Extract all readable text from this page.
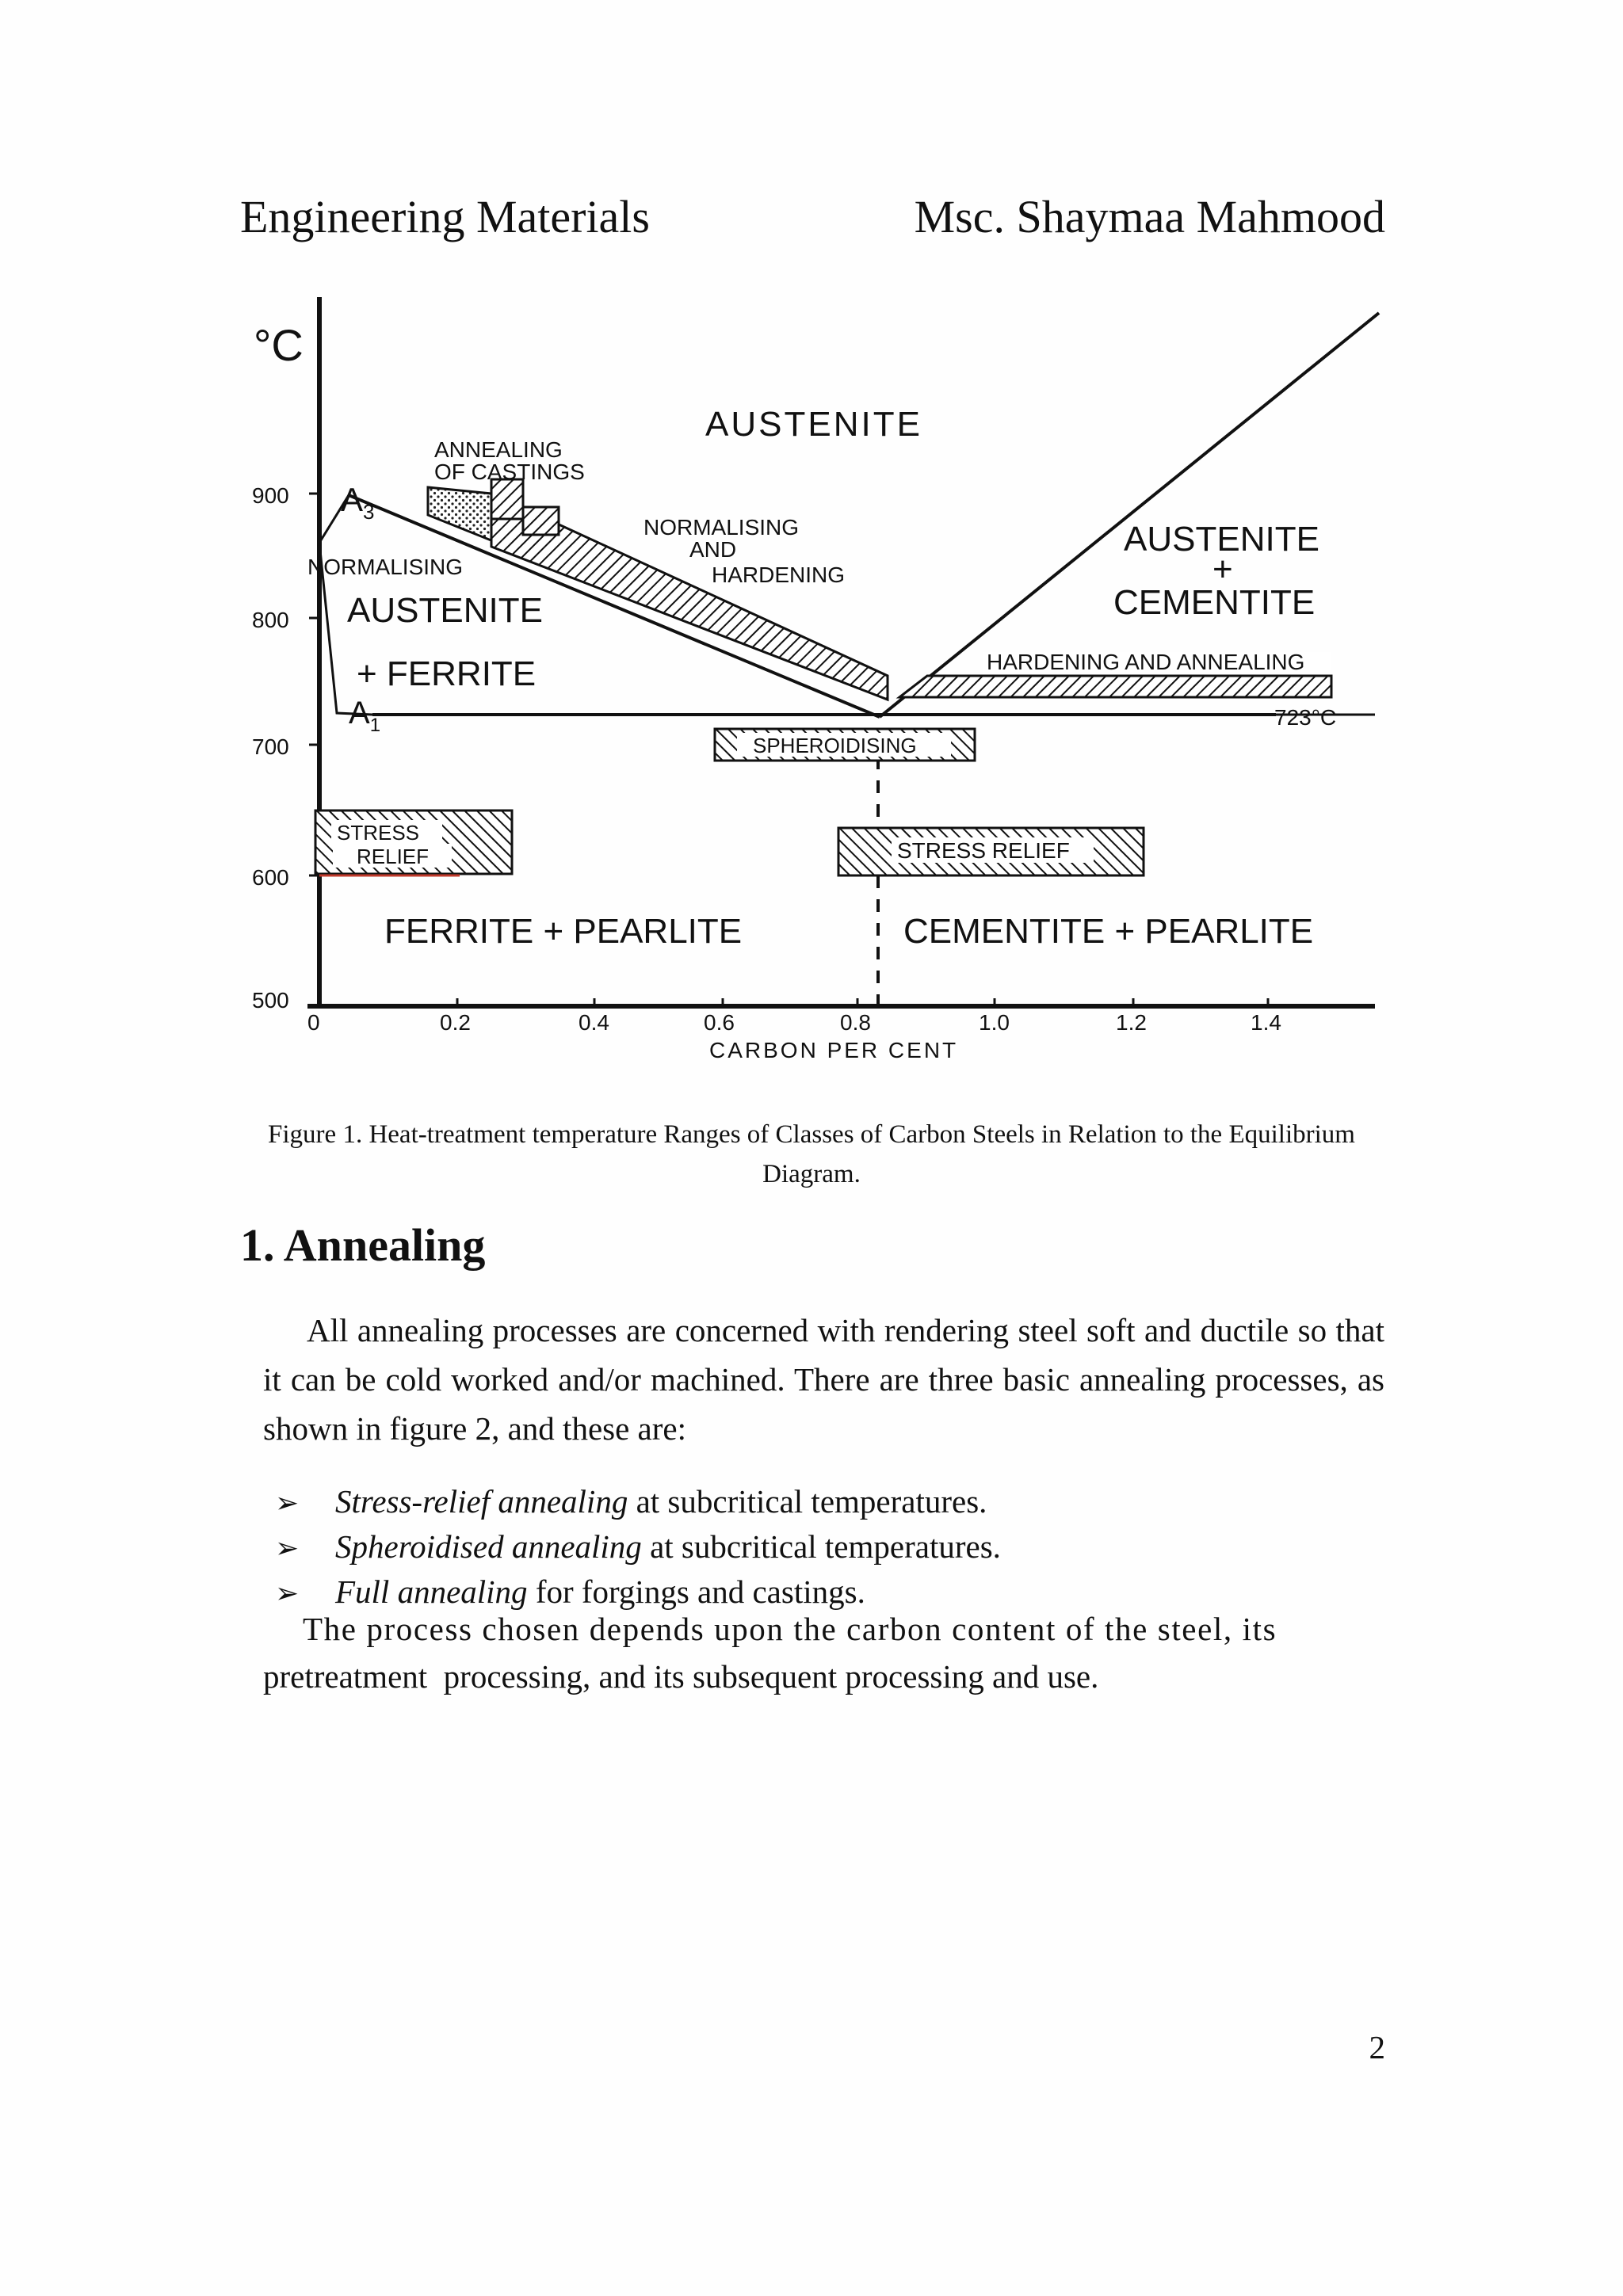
Engineering Materials	Msc. Shaymaa Mahmood
°C
900
800
700
600
500
0	0.2	0.4	0.6	0.8	1.0	1.2	1.4
CARBON PER CENT
$A_3$
$A_1$	723°C
AUSTENITE
AUSTENITE
+ FERRITE
AUSTENITE
+
CEMENTITE
FERRITE + PEARLITE	CEMENTITE + PEARLITE
ANNEALING
OF CASTINGS
NORMALISING
NORMALISING
AND
HARDENING
HARDENING AND ANNEALING
SPHEROIDISING
STRESS
RELIEF	STRESS RELIEF
Figure 1. Heat-treatment temperature Ranges of Classes of Carbon Steels in Relation to the Equilibrium Diagram.
1. Annealing
All annealing processes are concerned with rendering steel soft and ductile so that it can be cold worked and/or machined. There are three basic annealing processes, as shown in figure 2, and these are:
➢	Stress-relief annealing at subcritical temperatures.
➢	Spheroidised annealing at subcritical temperatures.
➢	Full annealing for forgings and castings.
The process chosen depends upon the carbon content of the steel, its
pretreatment  processing, and its subsequent processing and use.
2
